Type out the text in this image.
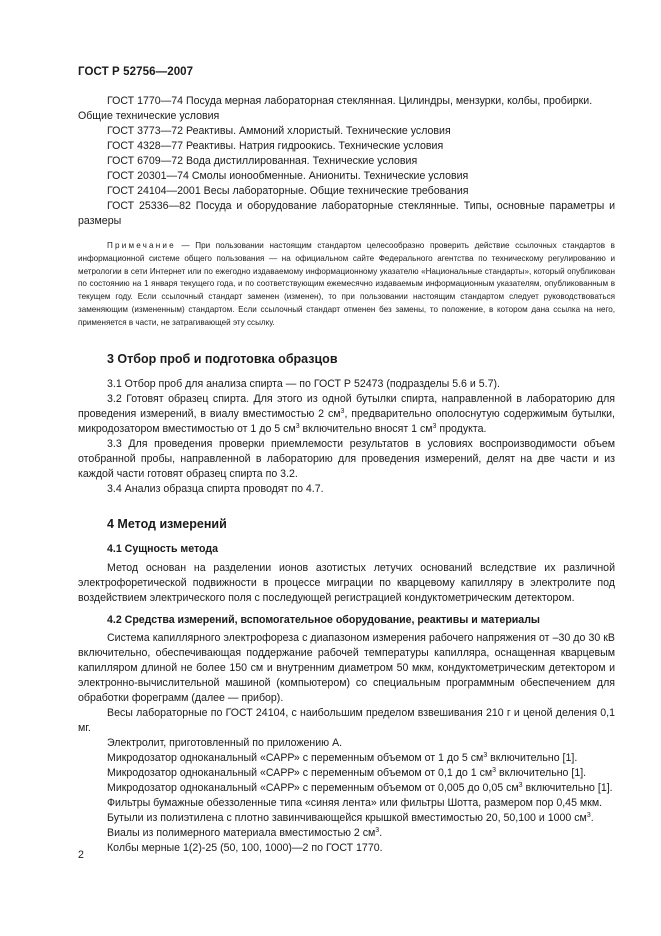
ГОСТ Р 52756—2007

ГОСТ 1770—74 Посуда мерная лабораторная стеклянная. Цилиндры, мензурки, колбы, пробирки.

Общие технические условия

ГОСТ 3773—72 Реактивы. Аммоний хлористый. Технические условия

ГОСТ 4328—77 Реактивы. Натрия гидроокись. Технические условия

ГОСТ 6709—72 Вода дистиллированная. Технические условия

ГОСТ 20301—74 Смолы ионообменные. Аниониты. Технические условия

ГОСТ 24104—2001 Весы лабораторные. Общие технические требования

ГОСТ 25336—82 Посуда и оборудование лабораторные стеклянные. Типы, основные параметры и размеры

Примечание — При пользовании настоящим стандартом целесообразно проверить действие ссылочных стандартов в информационной системе общего пользования — на официальном сайте Федерального агентства по техническому регулированию и метрологии в сети Интернет или по ежегодно издаваемому информационному указателю «Национальные стандарты», который опубликован по состоянию на 1 января текущего года, и по соответствующим ежемесячно издаваемым информационным указателям, опубликованным в текущем году. Если ссылочный стандарт заменен (изменен), то при пользовании настоящим стандартом следует руководствоваться заменяющим (измененным) стандартом. Если ссылочный стандарт отменен без замены, то положение, в котором дана ссылка на него, применяется в части, не затрагивающей эту ссылку.

3 Отбор проб и подготовка образцов

3.1 Отбор проб для анализа спирта — по ГОСТ Р 52473 (подразделы 5.6 и 5.7).

3.2 Готовят образец спирта. Для этого из одной бутылки спирта, направленной в лабораторию для проведения измерений, в виалу вместимостью 2 $см^3$, предварительно ополоснутую содержимым бутылки, микродозатором вместимостью от 1 до 5 $см^3$ включительно вносят 1 $см^3$ продукта.

3.3 Для проведения проверки приемлемости результатов в условиях воспроизводимости объем отобранной пробы, направленной в лабораторию для проведения измерений, делят на две части и из каждой части готовят образец спирта по 3.2.

3.4 Анализ образца спирта проводят по 4.7.

4 Метод измерений
4.1 Сущность метода

Метод основан на разделении ионов азотистых летучих оснований вследствие их различной электрофоретической подвижности в процессе миграции по кварцевому капилляру в электролите под воздействием электрического поля с последующей регистрацией кондуктометрическим детектором.

4.2 Средства измерений, вспомогательное оборудование, реактивы и материалы

Система капиллярного электрофореза с диапазоном измерения рабочего напряжения от –30 до 30 кВ включительно, обеспечивающая поддержание рабочей температуры капилляра, оснащенная кварцевым капилляром длиной не более 150 см и внутренним диаметром 50 мкм, кондуктометрическим детектором и электронно-вычислительной машиной (компьютером) со специальным программным обеспечением для обработки фореграмм (далее — прибор).

Весы лабораторные по ГОСТ 24104, с наибольшим пределом взвешивания 210 г и ценой деления 0,1 мг.

Электролит, приготовленный по приложению А.

Микродозатор одноканальный «САРР» с переменным объемом от 1 до 5 $см^3$ включительно [1].

Микродозатор одноканальный «САРР» с переменным объемом от 0,1 до 1 $см^3$ включительно [1].

Микродозатор одноканальный «САРР» с переменным объемом от 0,005 до 0,05 $см^3$ включительно [1].

Фильтры бумажные обеззоленные типа «синяя лента» или фильтры Шотта, размером пор 0,45 мкм.

Бутыли из полиэтилена с плотно завинчивающейся крышкой вместимостью 20, 50,100 и 1000 $см^3$.

Виалы из полимерного материала вместимостью 2 $см^3$.

Колбы мерные 1(2)-25 (50, 100, 1000)—2 по ГОСТ 1770.

2
